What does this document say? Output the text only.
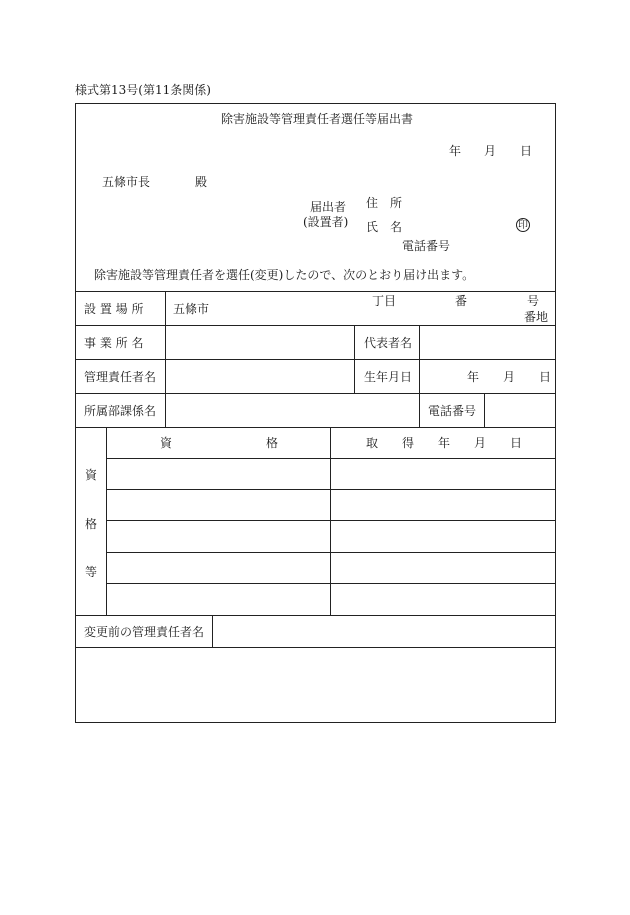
様式第13号(第11条関係)
除害施設等管理責任者選任等届出書
年 月 日
五條市長	殿
届出者
(設置者)
住　所
氏　名	印
電話番号
除害施設等管理責任者を選任(変更)したので、次のとおり届け出ます。
設 置 場 所 五條市
丁目	番	号
番地
事 業 所 名	代表者名
管理責任者名	生年月日	年 月 日
所属部課係名	電話番号
資
格
等
資	格	取 得 年 月 日
変更前の管理責任者名
